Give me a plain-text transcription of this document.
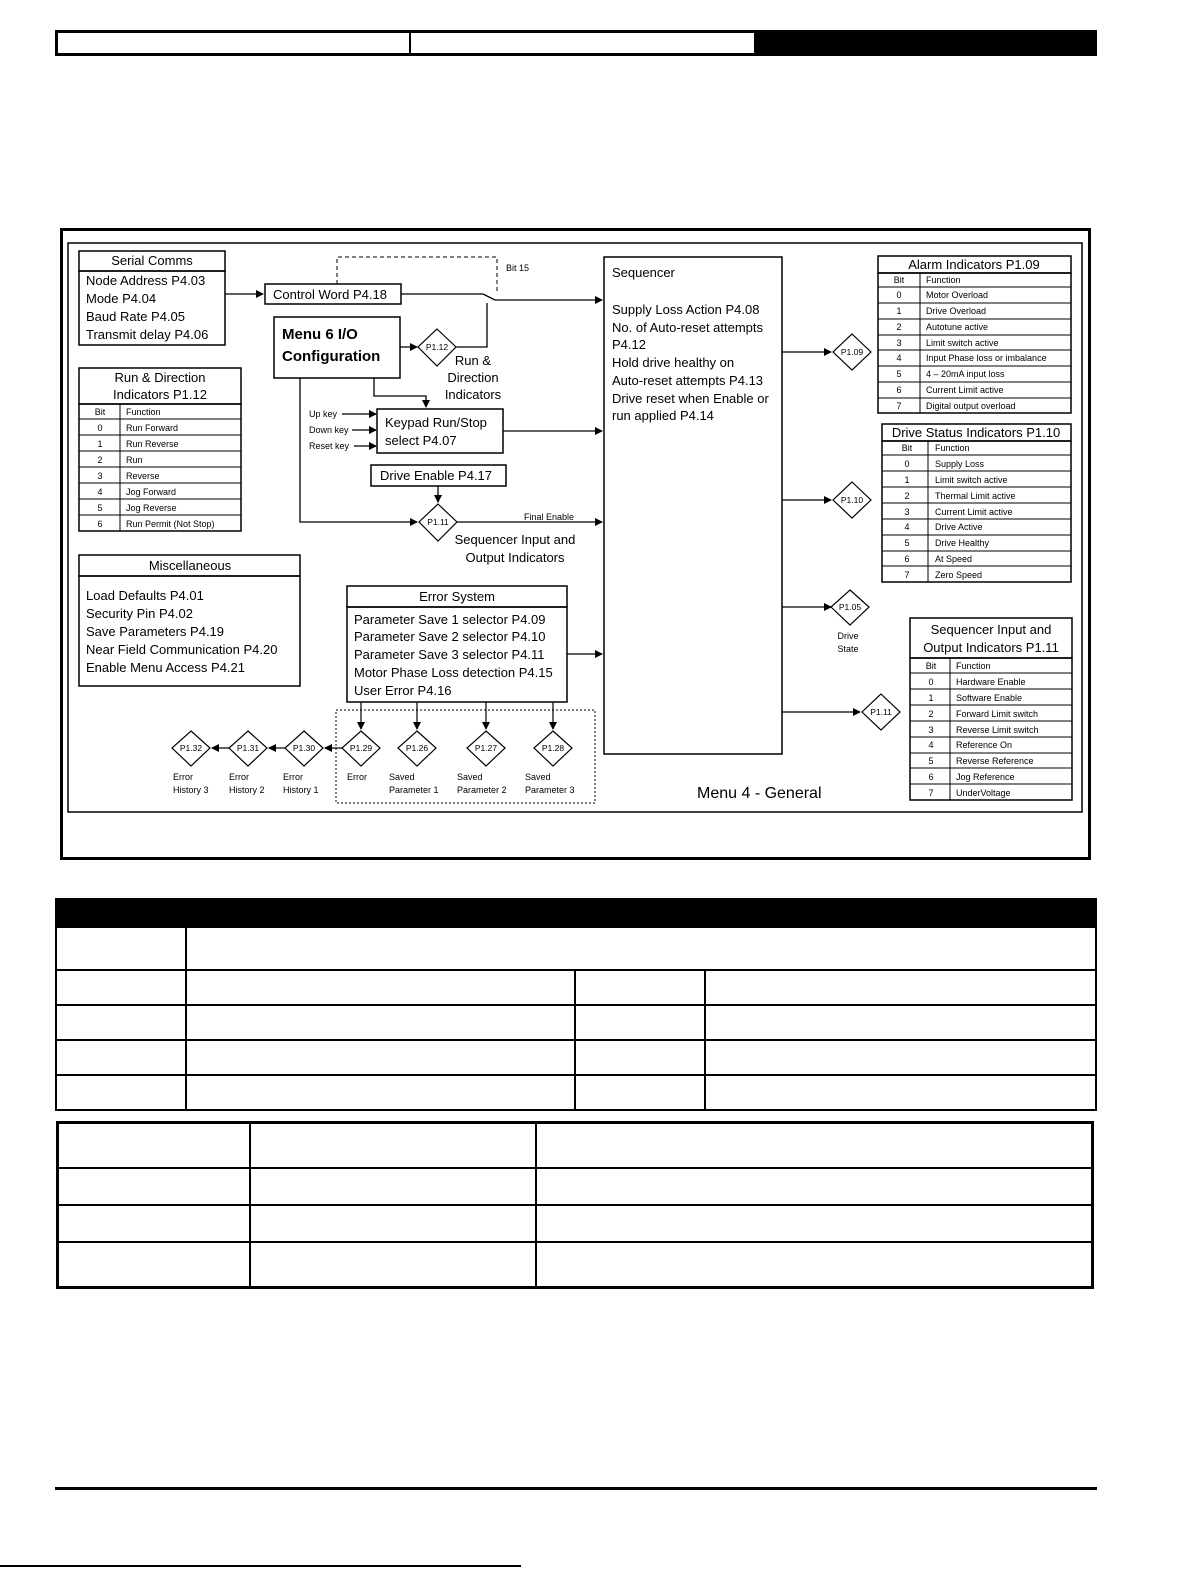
Serial Comms
Node Address P4.03
Mode P4.04
Baud Rate P4.05
Transmit delay P4.06
Control Word P4.18
Bit 15
Menu 6 I/O
Configuration
P1.12
Run &
Direction
Indicators
Up key
Down key
Reset key
Keypad Run/Stop
select P4.07
Drive Enable P4.17
P1.11	Final Enable
Sequencer Input and
Output Indicators
Run & Direction
Indicators P1.12
Bit Function
0	Run Forward
1	Run Reverse
2	Run
3	Reverse
4	Jog Forward
5	Jog Reverse
6	Run Permit (Not Stop)
Miscellaneous
Load Defaults P4.01
Security Pin P4.02
Save Parameters P4.19
Near Field Communication P4.20
Enable Menu Access P4.21
Error System
Parameter Save 1 selector P4.09
Parameter Save 2 selector P4.10
Parameter Save 3 selector P4.11
Motor Phase Loss detection P4.15
User Error P4.16
P1.32	P1.31	P1.30	P1.29	P1.26	P1.27	P1.28
Error
History 3
Error
History 2
Error
History 1
Error Saved
Parameter 1
Saved
Parameter 2
Saved
Parameter 3
Sequencer
Supply Loss Action P4.08
No. of Auto-reset attempts
P4.12
Hold drive healthy on
Auto-reset attempts P4.13
Drive reset when Enable or
run applied P4.14
P1.09
P1.10
P1.05
Drive
State
P1.11
Alarm Indicators P1.09
Bit Function
0	Motor Overload
1	Drive Overload
2	Autotune active
3	Limit switch active
4	Input Phase loss or imbalance
5	4 – 20mA input loss
6	Current Limit active
7	Digital output overload
Drive Status Indicators P1.10
Bit	Function
0	Supply Loss
1	Limit switch active
2	Thermal Limit active
3	Current Limit active
4	Drive Active
5	Drive Healthy
6	At Speed
7	Zero Speed
Sequencer Input and
Output Indicators P1.11
Bit Function
0 Hardware Enable
1 Software Enable
2 Forward Limit switch
3 Reverse Limit switch
4 Reference On
5 Reverse Reference
6 Jog Reference
7 UnderVoltage
Menu 4 - General
